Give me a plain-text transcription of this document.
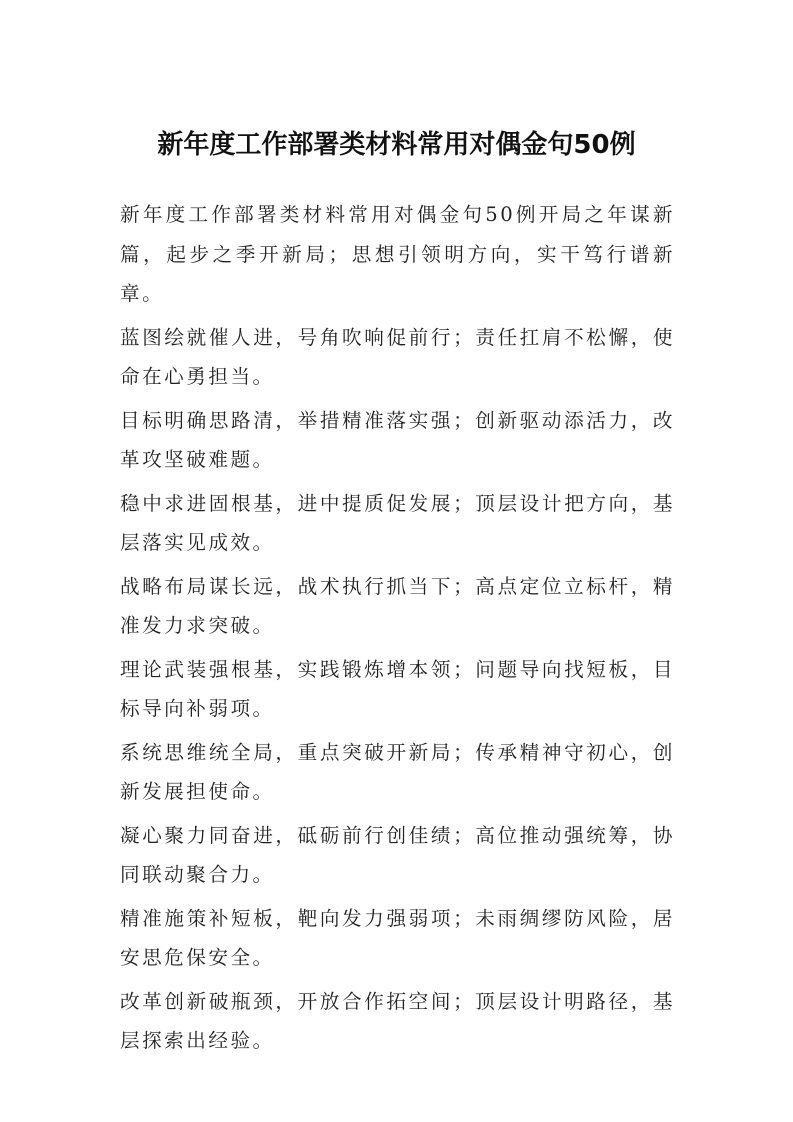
新年度工作部署类材料常用对偶金句50例

新年度工作部署类材料常用对偶金句50例开局之年谋新篇，起步之季开新局；思想引领明方向，实干笃行谱新章。

蓝图绘就催人进，号角吹响促前行；责任扛肩不松懈，使命在心勇担当。

目标明确思路清，举措精准落实强；创新驱动添活力，改革攻坚破难题。

稳中求进固根基，进中提质促发展；顶层设计把方向，基层落实见成效。

战略布局谋长远，战术执行抓当下；高点定位立标杆，精准发力求突破。

理论武装强根基，实践锻炼增本领；问题导向找短板，目标导向补弱项。

系统思维统全局，重点突破开新局；传承精神守初心，创新发展担使命。

凝心聚力同奋进，砥砺前行创佳绩；高位推动强统筹，协同联动聚合力。

精准施策补短板，靶向发力强弱项；未雨绸缪防风险，居安思危保安全。

改革创新破瓶颈，开放合作拓空间；顶层设计明路径，基层探索出经验。
